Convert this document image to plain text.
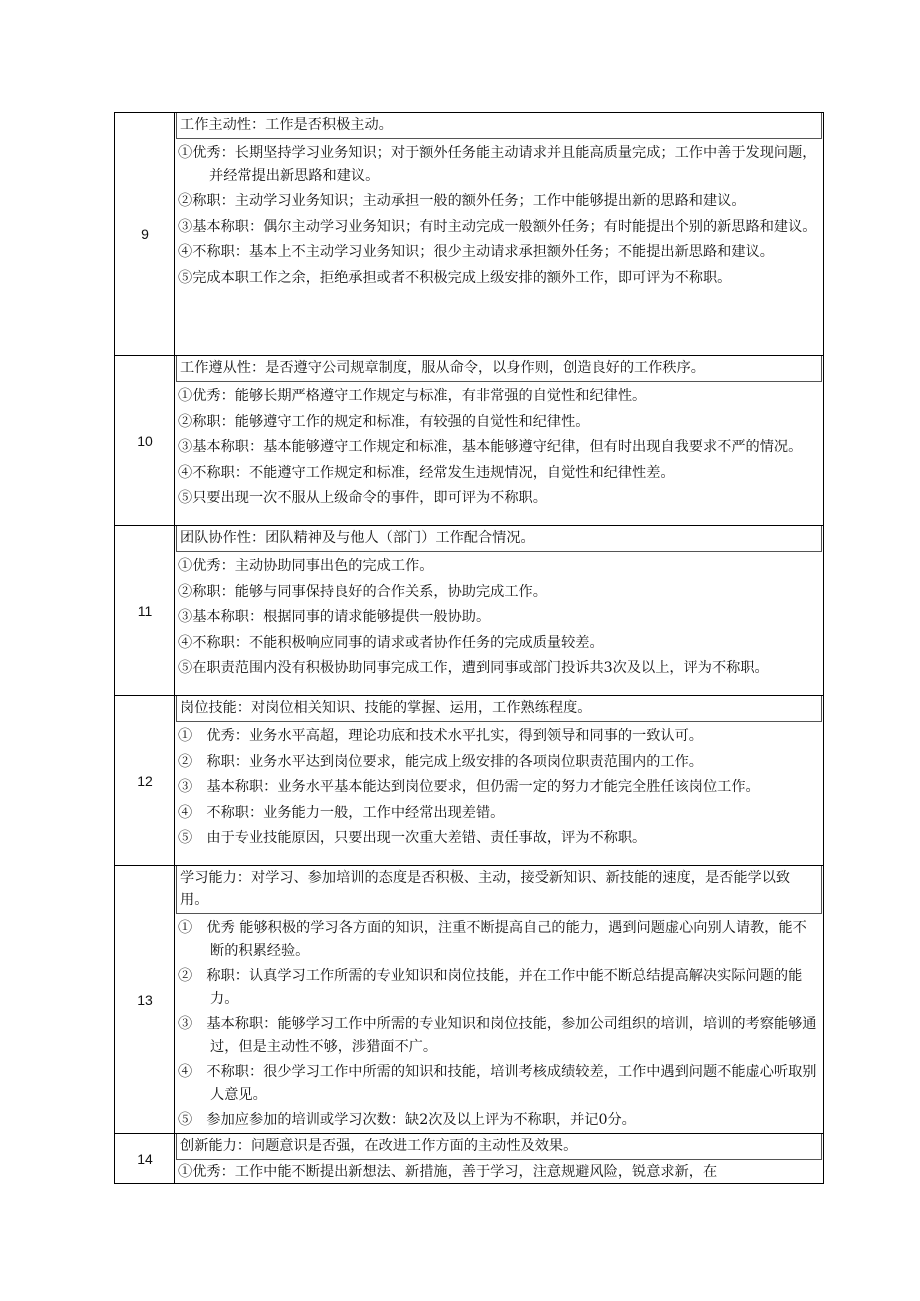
9
工作主动性：工作是否积极主动。
①优秀：长期坚持学习业务知识；对于额外任务能主动请求并且能高质量完成；工作中善于发现问题，并经常提出新思路和建议。
②称职：主动学习业务知识；主动承担一般的额外任务；工作中能够提出新的思路和建议。
③基本称职：偶尔主动学习业务知识；有时主动完成一般额外任务；有时能提出个别的新思路和建议。
④不称职：基本上不主动学习业务知识；很少主动请求承担额外任务；不能提出新思路和建议。
⑤完成本职工作之余，拒绝承担或者不积极完成上级安排的额外工作，即可评为不称职。
10
工作遵从性：是否遵守公司规章制度，服从命令，以身作则，创造良好的工作秩序。
①优秀：能够长期严格遵守工作规定与标准，有非常强的自觉性和纪律性。
②称职：能够遵守工作的规定和标准，有较强的自觉性和纪律性。
③基本称职：基本能够遵守工作规定和标准，基本能够遵守纪律，但有时出现自我要求不严的情况。
④不称职：不能遵守工作规定和标准，经常发生违规情况，自觉性和纪律性差。
⑤只要出现一次不服从上级命令的事件，即可评为不称职。
11
团队协作性：团队精神及与他人（部门）工作配合情况。
①优秀：主动协助同事出色的完成工作。
②称职：能够与同事保持良好的合作关系，协助完成工作。
③基本称职：根据同事的请求能够提供一般协助。
④不称职：不能积极响应同事的请求或者协作任务的完成质量较差。
⑤在职责范围内没有积极协助同事完成工作，遭到同事或部门投诉共3次及以上，评为不称职。
12
岗位技能：对岗位相关知识、技能的掌握、运用，工作熟练程度。
①　优秀：业务水平高超，理论功底和技术水平扎实，得到领导和同事的一致认可。
②　称职：业务水平达到岗位要求，能完成上级安排的各项岗位职责范围内的工作。
③　基本称职：业务水平基本能达到岗位要求，但仍需一定的努力才能完全胜任该岗位工作。
④　不称职：业务能力一般，工作中经常出现差错。
⑤　由于专业技能原因，只要出现一次重大差错、责任事故，评为不称职。
13
学习能力：对学习、参加培训的态度是否积极、主动，接受新知识、新技能的速度，是否能学以致用。
①　优秀 能够积极的学习各方面的知识，注重不断提高自己的能力，遇到问题虚心向别人请教，能不断的积累经验。
②　称职：认真学习工作所需的专业知识和岗位技能，并在工作中能不断总结提高解决实际问题的能力。
③　基本称职：能够学习工作中所需的专业知识和岗位技能，参加公司组织的培训，培训的考察能够通过，但是主动性不够，涉猎面不广。
④　不称职：很少学习工作中所需的知识和技能，培训考核成绩较差，工作中遇到问题不能虚心听取别人意见。
⑤　参加应参加的培训或学习次数：缺2次及以上评为不称职，并记0分。
14
创新能力：问题意识是否强，在改进工作方面的主动性及效果。
①优秀：工作中能不断提出新想法、新措施，善于学习，注意规避风险，锐意求新，在
